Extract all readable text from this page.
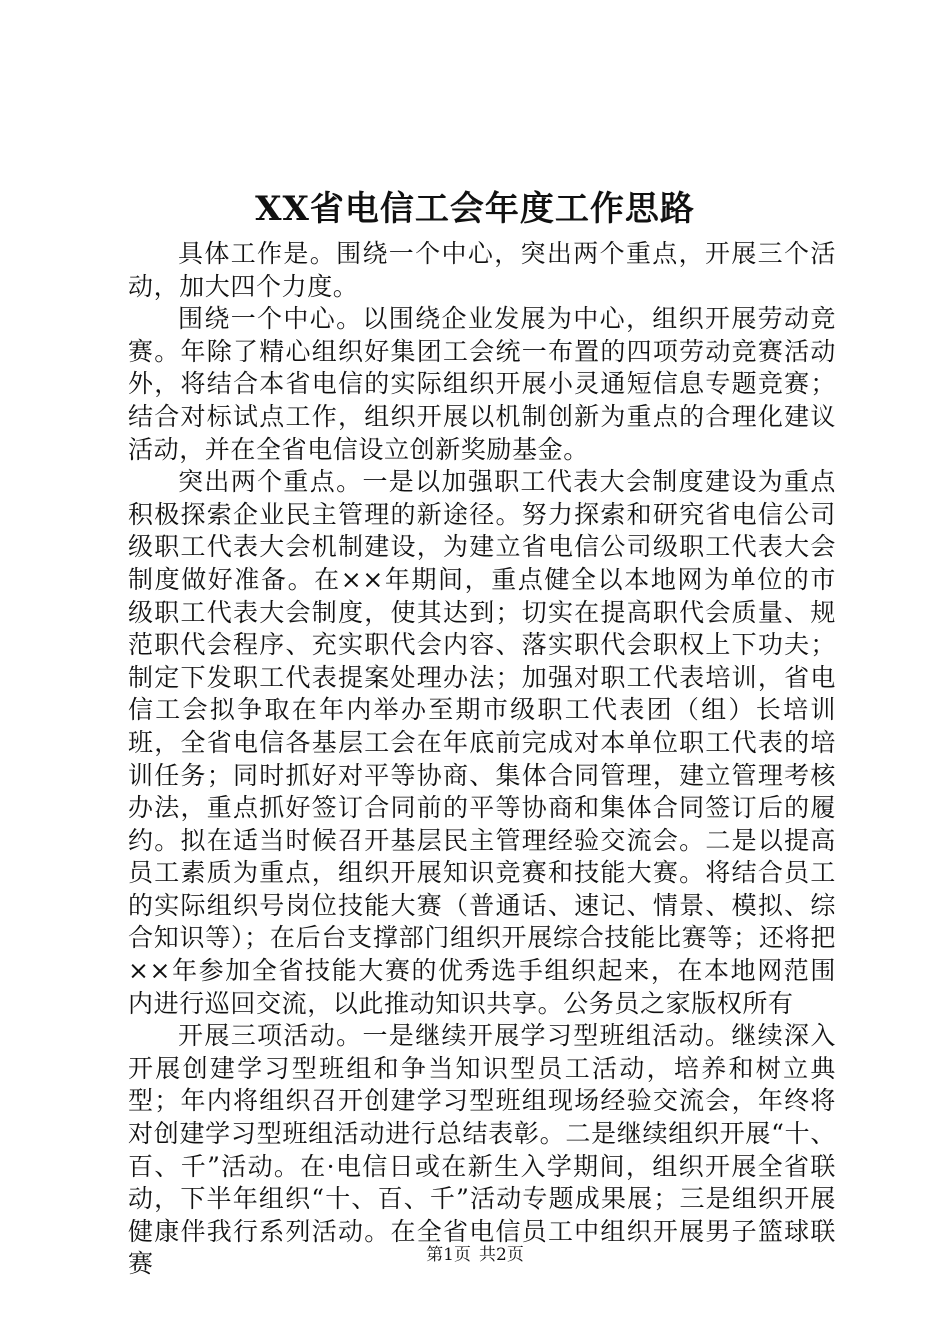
XX省电信工会年度工作思路

具体工作是。围绕一个中心，突出两个重点，开展三个活动，加大四个力度。

围绕一个中心。以围绕企业发展为中心，组织开展劳动竞赛。年除了精心组织好集团工会统一布置的四项劳动竞赛活动外，将结合本省电信的实际组织开展小灵通短信息专题竞赛；结合对标试点工作，组织开展以机制创新为重点的合理化建议活动，并在全省电信设立创新奖励基金。

突出两个重点。一是以加强职工代表大会制度建设为重点积极探索企业民主管理的新途径。努力探索和研究省电信公司级职工代表大会机制建设，为建立省电信公司级职工代表大会制度做好准备。在××年期间，重点健全以本地网为单位的市级职工代表大会制度，使其达到；切实在提高职代会质量、规范职代会程序、充实职代会内容、落实职代会职权上下功夫；制定下发职工代表提案处理办法；加强对职工代表培训，省电信工会拟争取在年内举办至期市级职工代表团（组）长培训班，全省电信各基层工会在年底前完成对本单位职工代表的培训任务；同时抓好对平等协商、集体合同管理，建立管理考核办法，重点抓好签订合同前的平等协商和集体合同签订后的履约。拟在适当时候召开基层民主管理经验交流会。二是以提高员工素质为重点，组织开展知识竞赛和技能大赛。将结合员工的实际组织号岗位技能大赛（普通话、速记、情景、模拟、综合知识等）；在后台支撑部门组织开展综合技能比赛等；还将把××年参加全省技能大赛的优秀选手组织起来，在本地网范围内进行巡回交流，以此推动知识共享。公务员之家版权所有

开展三项活动。一是继续开展学习型班组活动。继续深入开展创建学习型班组和争当知识型员工活动，培养和树立典型；年内将组织召开创建学习型班组现场经验交流会，年终将对创建学习型班组活动进行总结表彰。二是继续组织开展“十、百、千”活动。在·电信日或在新生入学期间，组织开展全省联动，下半年组织“十、百、千”活动专题成果展；三是组织开展健康伴我行系列活动。在全省电信员工中组织开展男子篮球联赛	第1页 共2页
